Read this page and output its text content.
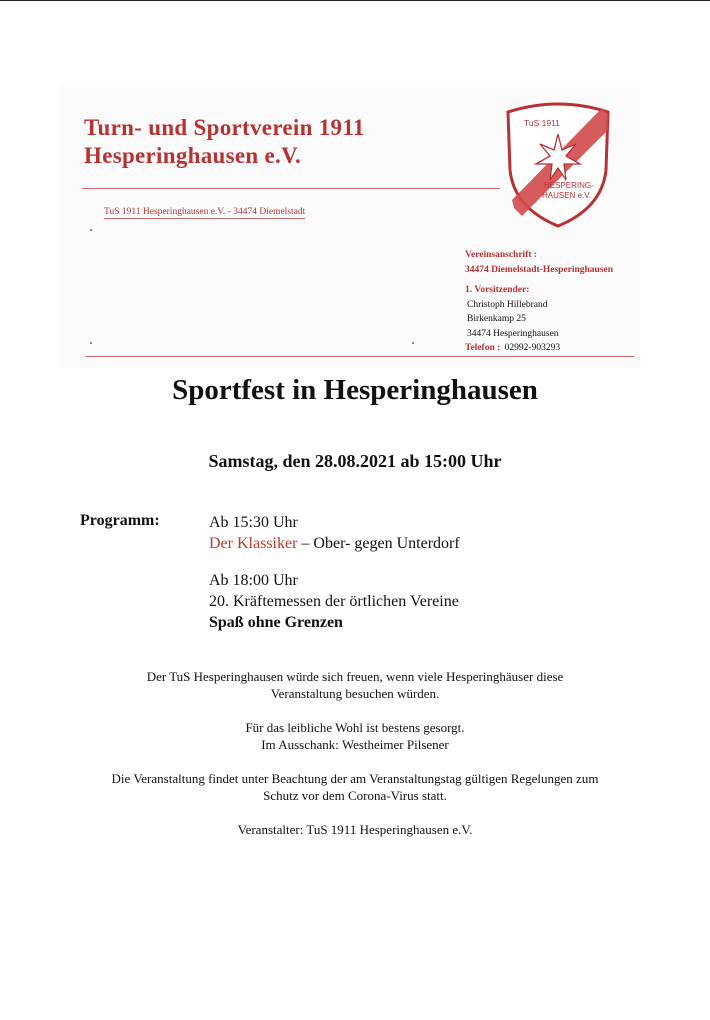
Turn- und Sportverein 1911
Hesperinghausen e.V.
TuS 1911 Hesperinghausen e.V. - 34474 Diemelstadt
TuS 1911
HESPERING-
HAUSEN e.V.
Vereinsanschrift :
34474 Diemelstadt-Hesperinghausen
1. Vorsitzender:
Christoph Hillebrand
Birkenkamp 25
34474 Hesperinghausen
Telefon : 02992-903293
Sportfest in Hesperinghausen
Samstag, den 28.08.2021 ab 15:00 Uhr
Programm:	Ab 15:30 Uhr
Der Klassiker – Ober- gegen Unterdorf
Ab 18:00 Uhr
20. Kräftemessen der örtlichen Vereine
Spaß ohne Grenzen

Der TuS Hesperinghausen würde sich freuen, wenn viele Hesperinghäuser diese
Veranstaltung besuchen würden.

Für das leibliche Wohl ist bestens gesorgt.
Im Ausschank: Westheimer Pilsener

Die Veranstaltung findet unter Beachtung der am Veranstaltungstag gültigen Regelungen zum
Schutz vor dem Corona-Virus statt.

Veranstalter: TuS 1911 Hesperinghausen e.V.
